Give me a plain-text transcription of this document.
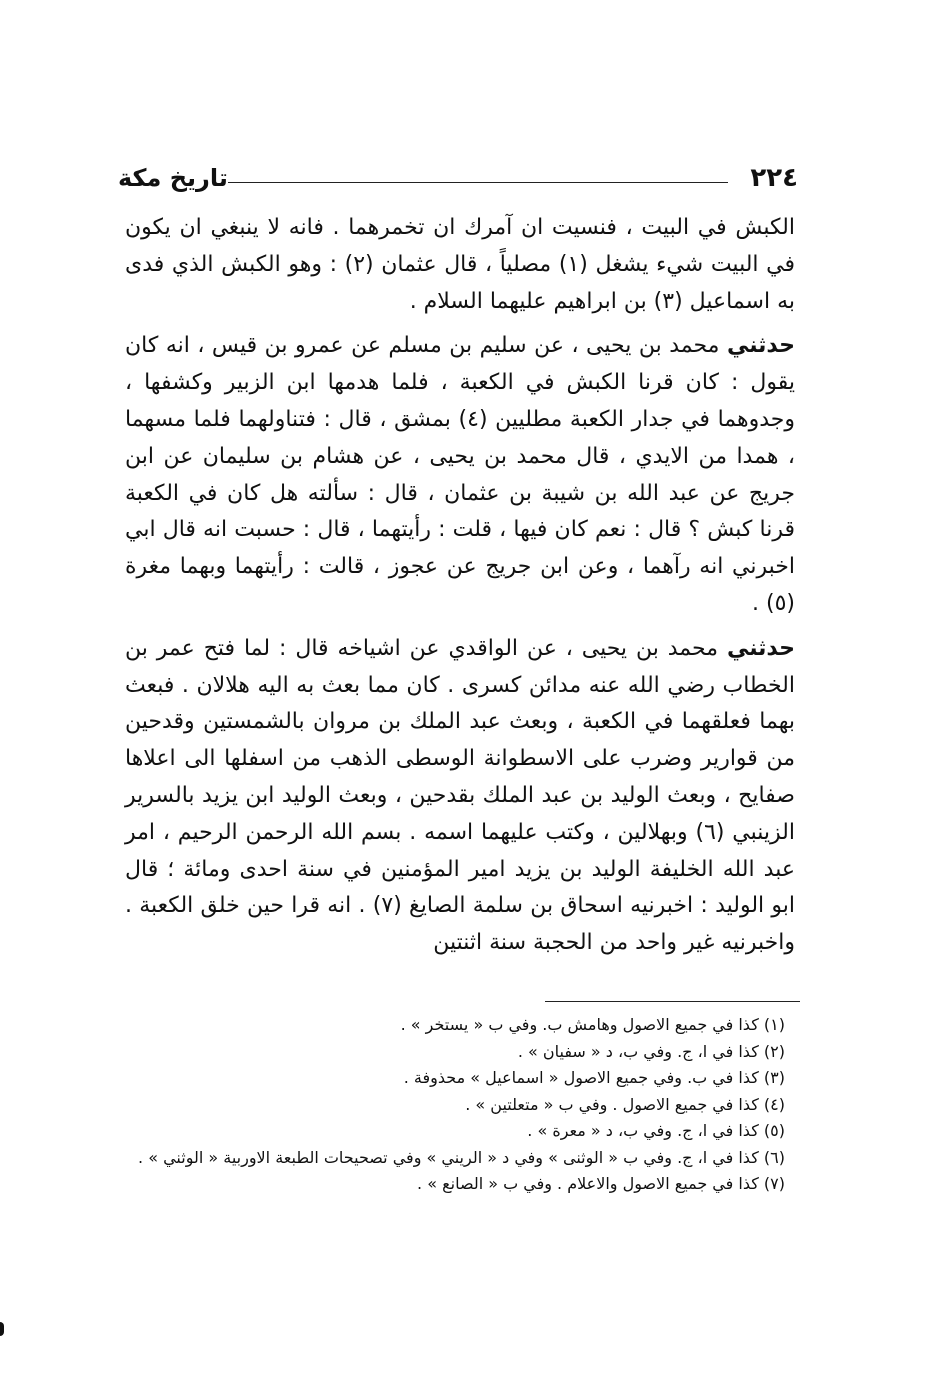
٢٢٤
تاريخ مكة

الكبش في البيت ، فنسيت ان آمرك ان تخمرهما . فانه لا ينبغي ان يكون في البيت شيء يشغل (١) مصلياً ، قال عثمان (٢) : وهو الكبش الذي فدى به اسماعيل (٣) بن ابراهيم عليهما السلام .

حدثني محمد بن يحيى ، عن سليم بن مسلم عن عمرو بن قيس ، انه كان يقول : كان قرنا الكبش في الكعبة ، فلما هدمها ابن الزبير وكشفها ، وجدوهما في جدار الكعبة مطليين (٤) بمشق ، قال : فتناولهما فلما مسهما ، همدا من الايدي ، قال محمد بن يحيى ، عن هشام بن سليمان عن ابن جريج عن عبد الله بن شيبة بن عثمان ، قال : سألته هل كان في الكعبة قرنا كبش ؟ قال : نعم كان فيها ، قلت : رأيتهما ، قال : حسبت انه قال ابي اخبرني انه رآهما ، وعن ابن جريج عن عجوز ، قالت : رأيتهما وبهما مغرة (٥) .

حدثني محمد بن يحيى ، عن الواقدي عن اشياخه قال : لما فتح عمر بن الخطاب رضي الله عنه مدائن كسرى . كان مما بعث به اليه هلالان . فبعث بهما فعلقهما في الكعبة ، وبعث عبد الملك بن مروان بالشمستين وقدحين من قوارير وضرب على الاسطوانة الوسطى الذهب من اسفلها الى اعلاها صفايح ، وبعث الوليد بن عبد الملك بقدحين ، وبعث الوليد ابن يزيد بالسرير الزينبي (٦) وبهلالين ، وكتب عليهما اسمه . بسم الله الرحمن الرحيم ، امر عبد الله الخليفة الوليد بن يزيد امير المؤمنين في سنة احدى ومائة ؛ قال ابو الوليد : اخبرنيه اسحاق بن سلمة الصايغ (٧) . انه قرا حين خلق الكعبة . واخبرنيه غير واحد من الحجبة سنة اثنتين

(١) كذا في جميع الاصول وهامش ب. وفي ب « يستخر » .
(٢) كذا في ا، ج. وفي ب، د « سفيان » .
(٣) كذا في ب. وفي جميع الاصول « اسماعيل » محذوفة .
(٤) كذا في جميع الاصول . وفي ب « متعلتين » .
(٥) كذا في ا، ج. وفي ب، د « معرة » .
(٦) كذا في ا، ج. وفي ب « الوثنى » وفي د « الريني » وفي تصحيحات الطبعة الاوربية « الوثني » .
(٧) كذا في جميع الاصول والاعلام . وفي ب « الصانع » .
